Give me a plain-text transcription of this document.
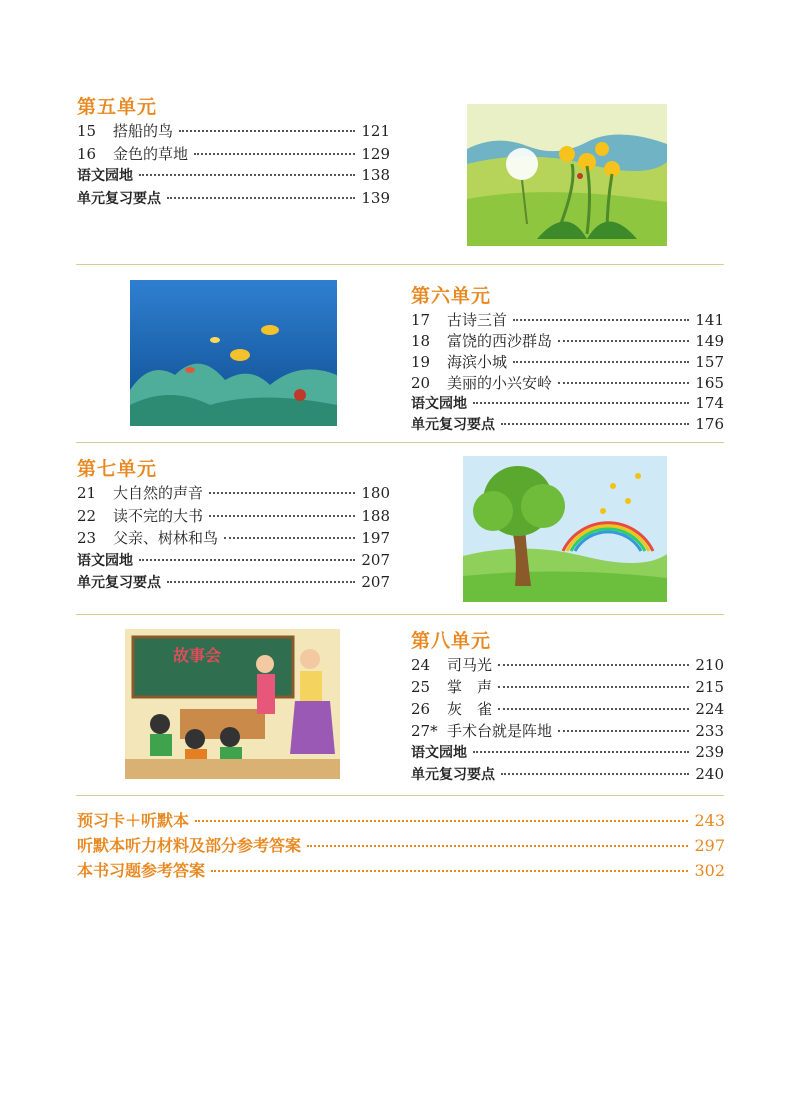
第五单元
15	搭船的鸟	121
16	金色的草地	129
语文园地	138
单元复习要点	139
第六单元
17	古诗三首	141
18	富饶的西沙群岛	149
19	海滨小城	157
20	美丽的小兴安岭	165
语文园地	174
单元复习要点	176
第七单元
21	大自然的声音	180
22	读不完的大书	188
23	父亲、树林和鸟	197
语文园地	207
单元复习要点	207
故事会
第八单元
24	司马光	210
25	掌　声	215
26	灰　雀	224
27* 手术台就是阵地	233
语文园地	239
单元复习要点	240
预习卡＋听默本	243
听默本听力材料及部分参考答案	297
本书习题参考答案	302
